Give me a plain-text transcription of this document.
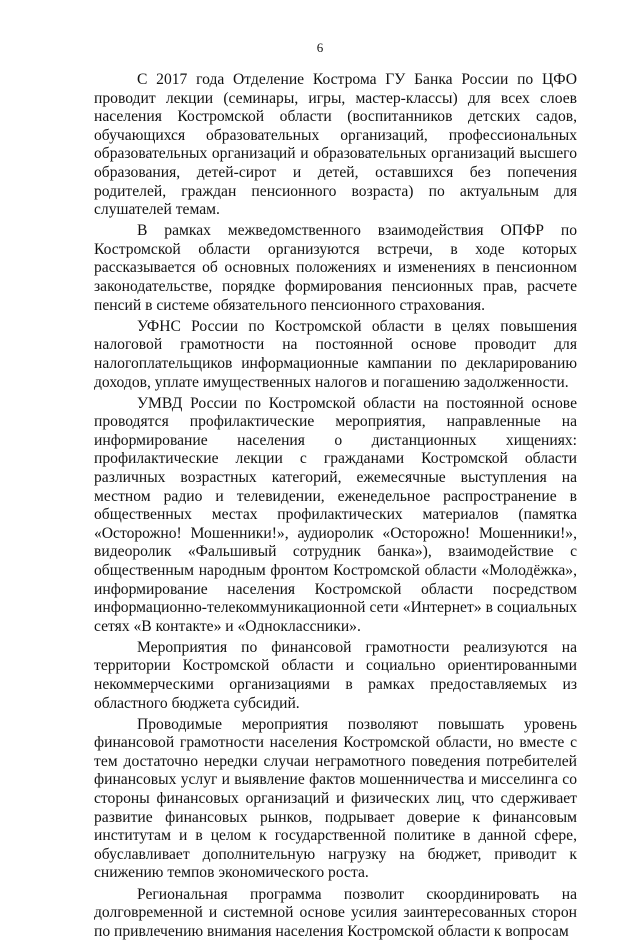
6

С 2017 года Отделение Кострома ГУ Банка России по ЦФО проводит лекции (семинары, игры, мастер-классы) для всех слоев населения Костромской области (воспитанников детских садов, обучающихся образовательных организаций, профессиональных образовательных организаций и образовательных организаций высшего образования, детей-сирот и детей, оставшихся без попечения родителей, граждан пенсионного возраста) по актуальным для слушателей темам.

В рамках межведомственного взаимодействия ОПФР по Костромской области организуются встречи, в ходе которых рассказывается об основных положениях и изменениях в пенсионном законодательстве, порядке формирования пенсионных прав, расчете пенсий в системе обязательного пенсионного страхования.

УФНС России по Костромской области в целях повышения налоговой грамотности на постоянной основе проводит для налогоплательщиков информационные кампании по декларированию доходов, уплате имущественных налогов и погашению задолженности.

УМВД России по Костромской области на постоянной основе проводятся профилактические мероприятия, направленные на информирование населения о дистанционных хищениях: профилактические лекции с гражданами Костромской области различных возрастных категорий, ежемесячные выступления на местном радио и телевидении, еженедельное распространение в общественных местах профилактических материалов (памятка «Осторожно! Мошенники!», аудиоролик «Осторожно! Мошенники!», видеоролик «Фальшивый сотрудник банка»), взаимодействие с общественным народным фронтом Костромской области «Молодёжка», информирование населения Костромской области посредством информационно-телекоммуникационной сети «Интернет» в социальных сетях «В контакте» и «Одноклассники».

Мероприятия по финансовой грамотности реализуются на территории Костромской области и социально ориентированными некоммерческими организациями в рамках предоставляемых из областного бюджета субсидий.

Проводимые мероприятия позволяют повышать уровень финансовой грамотности населения Костромской области, но вместе с тем достаточно нередки случаи неграмотного поведения потребителей финансовых услуг и выявление фактов мошенничества и мисселинга со стороны финансовых организаций и физических лиц, что сдерживает развитие финансовых рынков, подрывает доверие к финансовым институтам и в целом к государственной политике в данной сфере, обуславливает дополнительную нагрузку на бюджет, приводит к снижению темпов экономического роста.

Региональная программа позволит скоординировать на долговременной и системной основе усилия заинтересованных сторон по привлечению внимания населения Костромской области к вопросам
